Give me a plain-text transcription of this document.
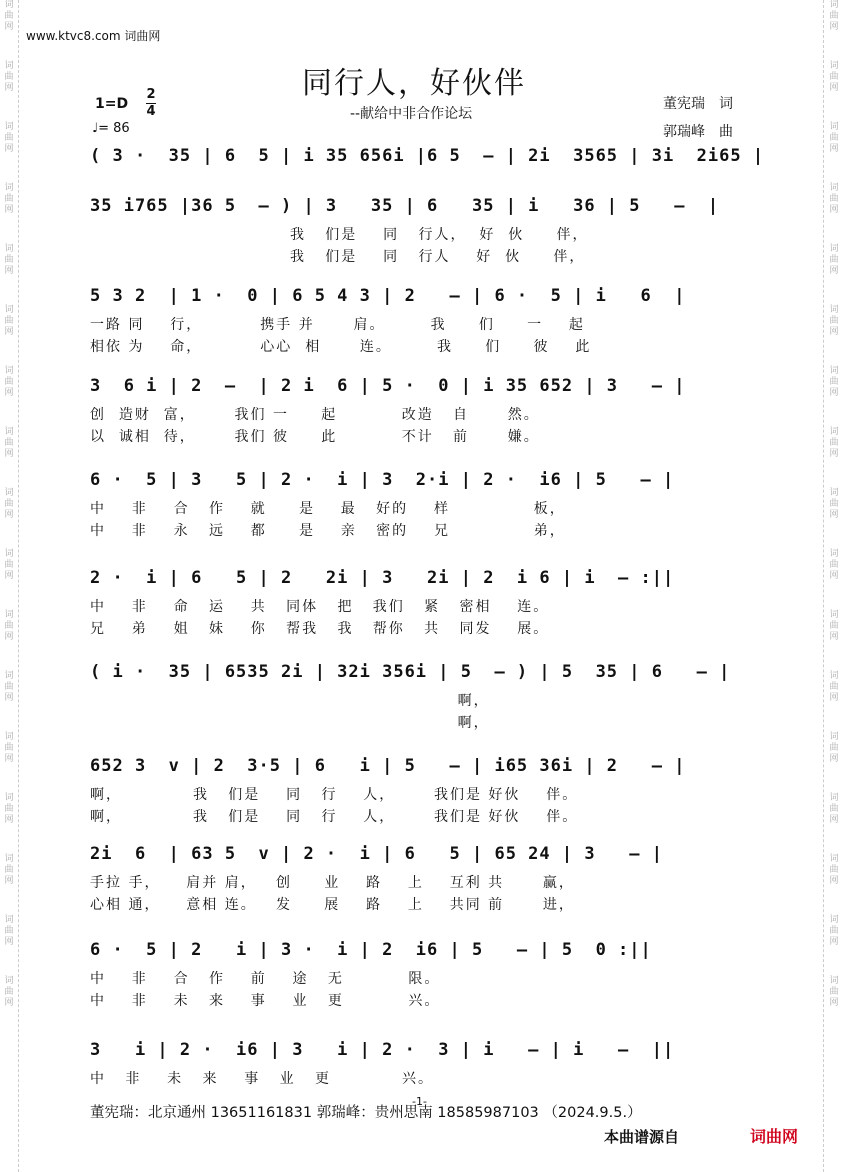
词
曲
网
词
曲
网
词
曲
网
词
曲
网
词
曲
网
词
曲
网
词
曲
网
词
曲
网
词
曲
网
词
曲
网
词
曲
网
词
曲
网
词
曲
网
词
曲
网
词
曲
网
词
曲
网
词
曲
网
词
曲
网
词
曲
网
词
曲
网
词
曲
网
词
曲
网
词
曲
网
词
曲
网
词
曲
网
词
曲
网
词
曲
网
词
曲
网
词
曲
网
词
曲
网
词
曲
网
词
曲
网
词
曲
网
词
曲
网
www.ktvc8.com 词曲网
同行人，好伙伴
--献给中非合作论坛
1=D
2
4
♩= 86
董宪瑞　词
郭瑞峰　曲
( 3 ·  35 | 6  5 | i 35 656i |6 5  – | 2i  3565 | 3i  2i65 |
35 i765 |36 5  – ) | 3   35 | 6   35 | i   36 | 5   –  |
我   们是    同   行人，  好  伙     伴，
我   们是    同   行人    好  伙     伴，
5 3 2  | 1 ·  0 | 6 5 4 3 | 2   – | 6 ·  5 | i   6  |
一路 同    行，         携手 并      肩。       我     们     一    起
相依 为    命，         心心  相      连。       我     们     彼    此
3  6 i | 2  –  | 2 i  6 | 5 ·  0 | i 35 652 | 3   – |
创  造财  富，      我们 一     起          改造   自      然。
以  诚相  待，      我们 彼     此          不计   前      嫌。
6 ·  5 | 3   5 | 2 ·  i | 3  2·i | 2 ·  i6 | 5   – |
中    非    合   作    就     是    最   好的    样             板，
中    非    永   远    都     是    亲   密的    兄             弟，
2 ·  i | 6   5 | 2   2i | 3   2i | 2  i 6 | i  – :||
中    非    命   运    共   同体   把   我们   紧   密相    连。
兄    弟    姐   妹    你   帮我   我   帮你   共   同发    展。
( i ·  35 | 6535 2i | 32i 356i | 5  – ) | 5  35 | 6   – |
啊，
啊，
652 3  v | 2  3·5 | 6   i | 5   – | i65 36i | 2   – |
啊，           我   们是    同   行    人，      我们是 好伙    伴。
啊，           我   们是    同   行    人，      我们是 好伙    伴。
2i  6  | 63 5  v | 2 ·  i | 6   5 | 65 24 | 3   – |
手拉 手，    肩并 肩，   创     业    路    上    互利 共      赢，
心相 通，    意相 连。   发     展    路    上    共同 前      进，
6 ·  5 | 2   i | 3 ·  i | 2  i6 | 5   – | 5  0 :||
中    非    合   作    前    途   无          限。
中    非    未   来    事    业   更          兴。
3   i | 2 ·  i6 | 3   i | 2 ·  3 | i   – | i   –  ||
中   非    未   来    事   业   更           兴。
-1-
董宪瑞：北京通州 13651161831 郭瑞峰：贵州思南 18585987103 （2024.9.5.）
本曲谱源自	词曲网
